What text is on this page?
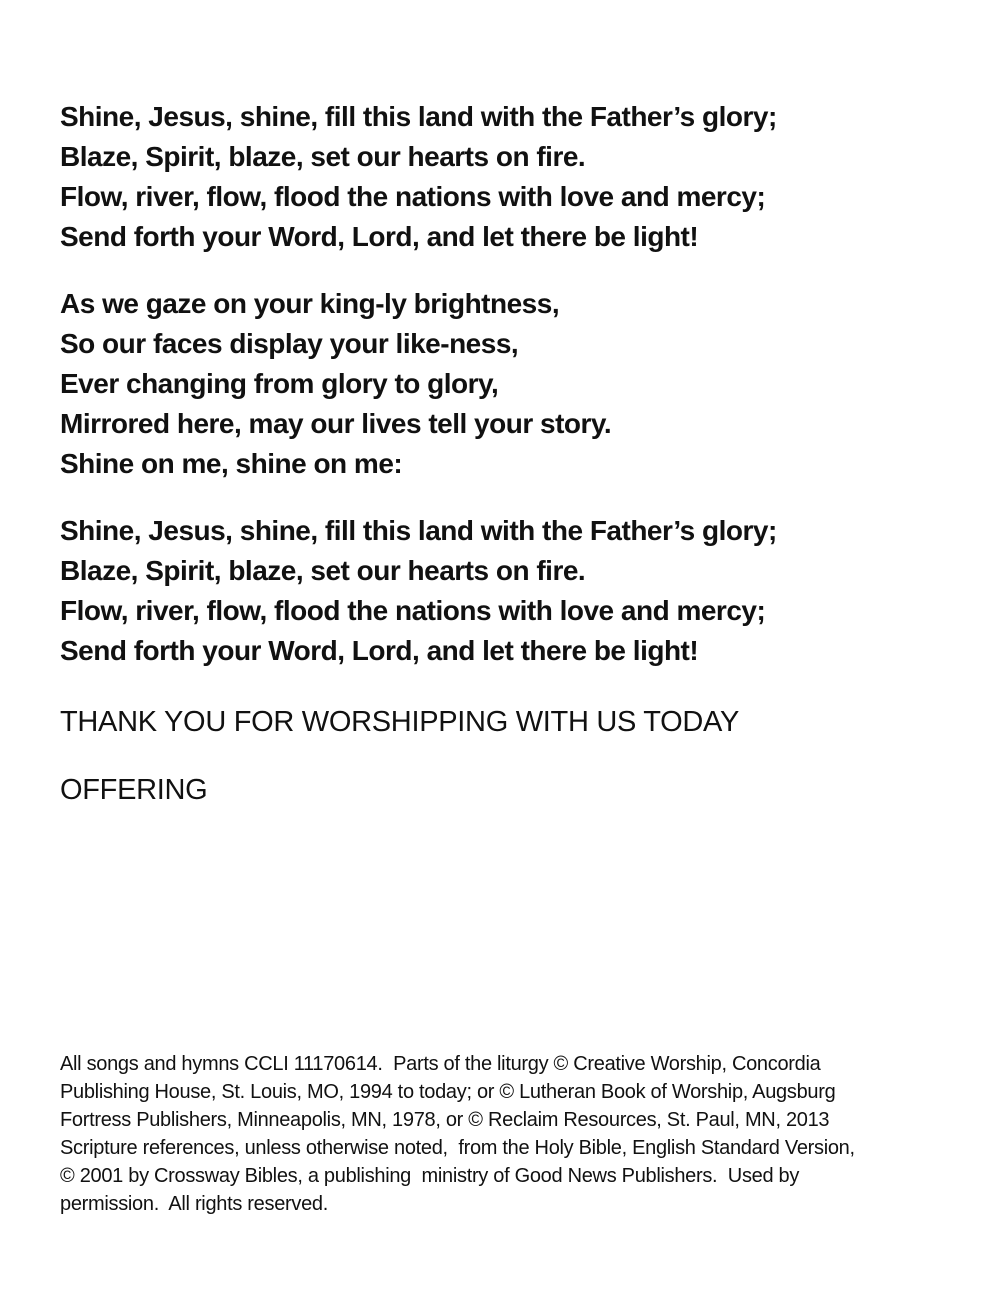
Shine, Jesus, shine, fill this land with the Father’s glory;
Blaze, Spirit, blaze, set our hearts on fire.
Flow, river, flow, flood the nations with love and mercy;
Send forth your Word, Lord, and let there be light!
As we gaze on your king-ly brightness,
So our faces display your like-ness,
Ever changing from glory to glory,
Mirrored here, may our lives tell your story.
Shine on me, shine on me:
Shine, Jesus, shine, fill this land with the Father’s glory;
Blaze, Spirit, blaze, set our hearts on fire.
Flow, river, flow, flood the nations with love and mercy;
Send forth your Word, Lord, and let there be light!
THANK YOU FOR WORSHIPPING WITH US TODAY
OFFERING
All songs and hymns CCLI 11170614.  Parts of the liturgy © Creative Worship, Concordia
Publishing House, St. Louis, MO, 1994 to today; or © Lutheran Book of Worship, Augsburg
Fortress Publishers, Minneapolis, MN, 1978, or © Reclaim Resources, St. Paul, MN, 2013
Scripture references, unless otherwise noted,  from the Holy Bible, English Standard Version,
© 2001 by Crossway Bibles, a publishing  ministry of Good News Publishers.  Used by
permission.  All rights reserved.
